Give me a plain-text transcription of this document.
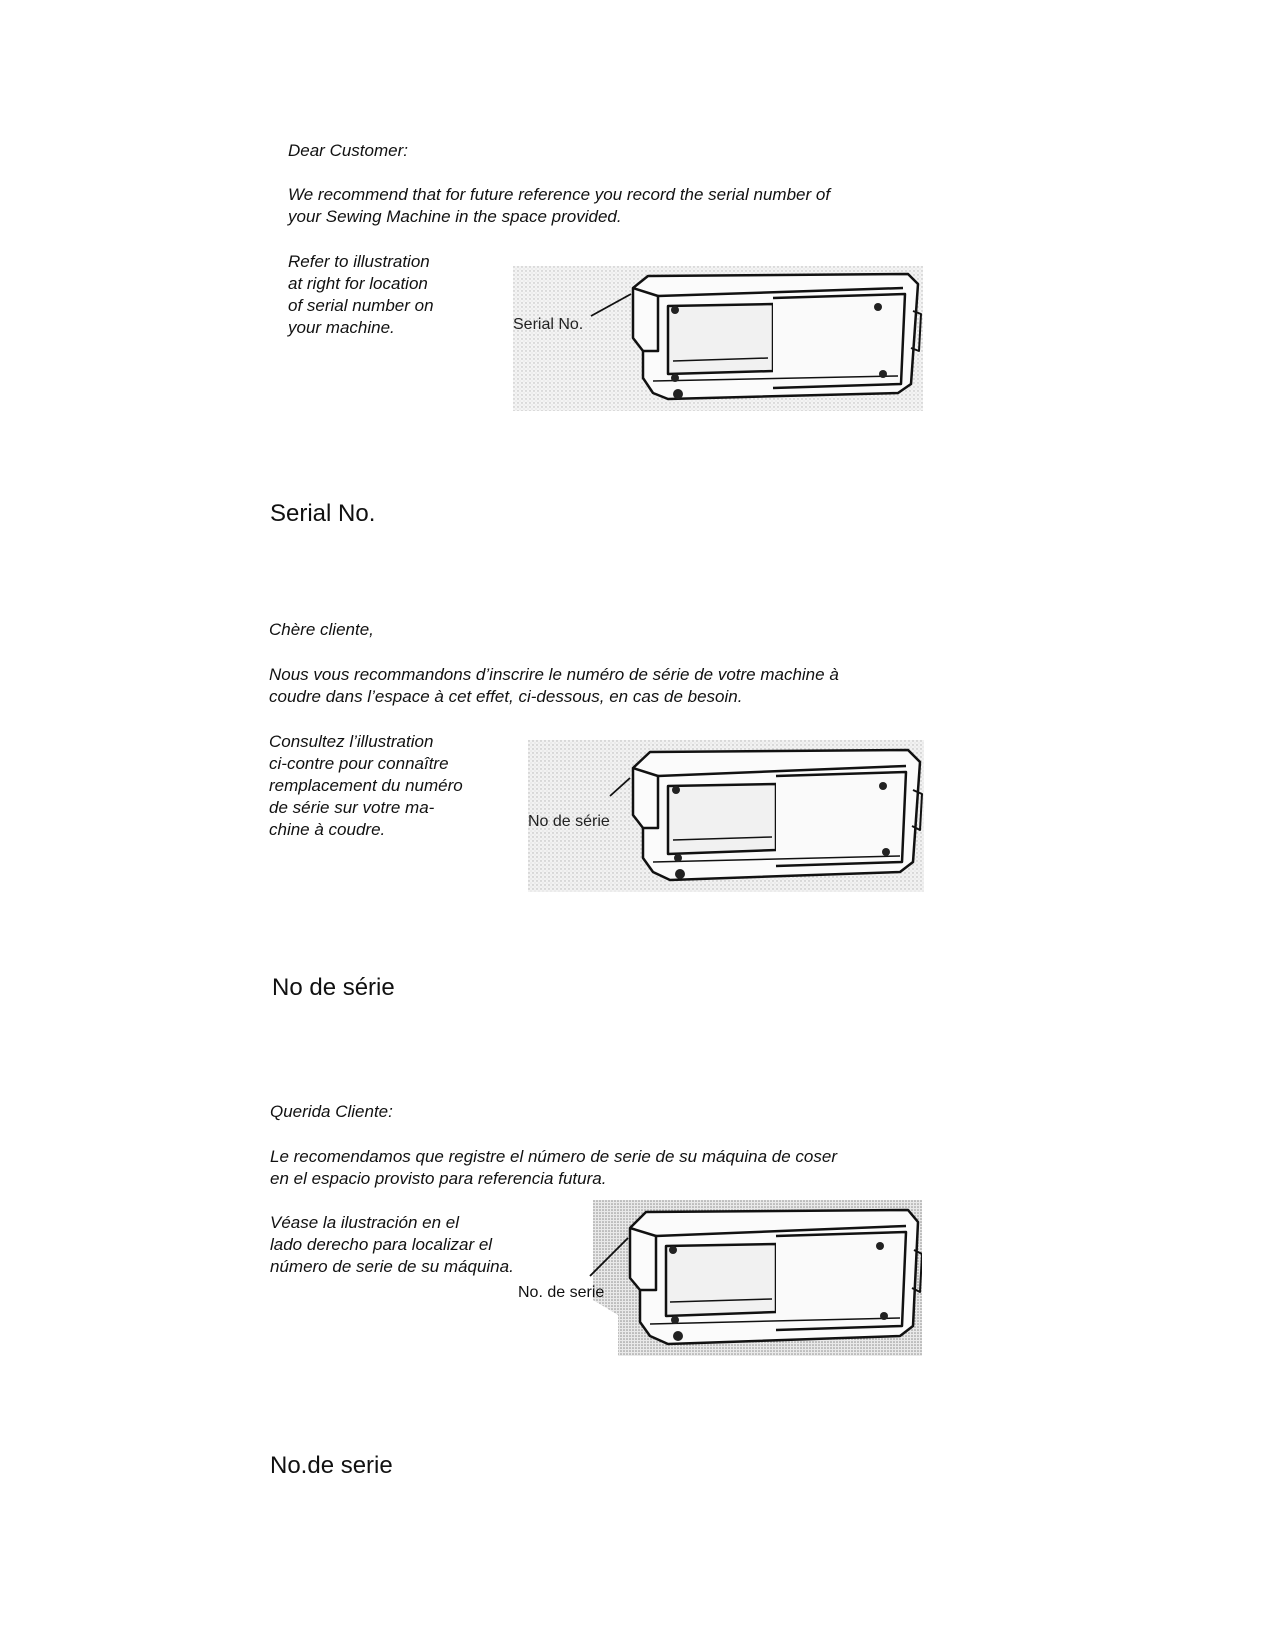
Dear Customer:
We recommend that for future reference you record the serial number of
your Sewing Machine in the space provided.
Refer to illustration
at right for location
of serial number on
your machine.	Serial No.
Serial No.
Chère cliente,
Nous vous recommandons d’inscrire le numéro de série de votre machine à
coudre dans l’espace à cet effet, ci-dessous, en cas de besoin.
Consultez l’illustration
ci-contre pour connaître
remplacement du numéro
de série sur votre ma-
chine à coudre.	No de série
No de série
Querida Cliente:
Le recomendamos que registre el número de serie de su máquina de coser
en el espacio provisto para referencia futura.
Véase la ilustración en el
lado derecho para localizar el
número de serie de su máquina.
No. de serie
No.de serie
